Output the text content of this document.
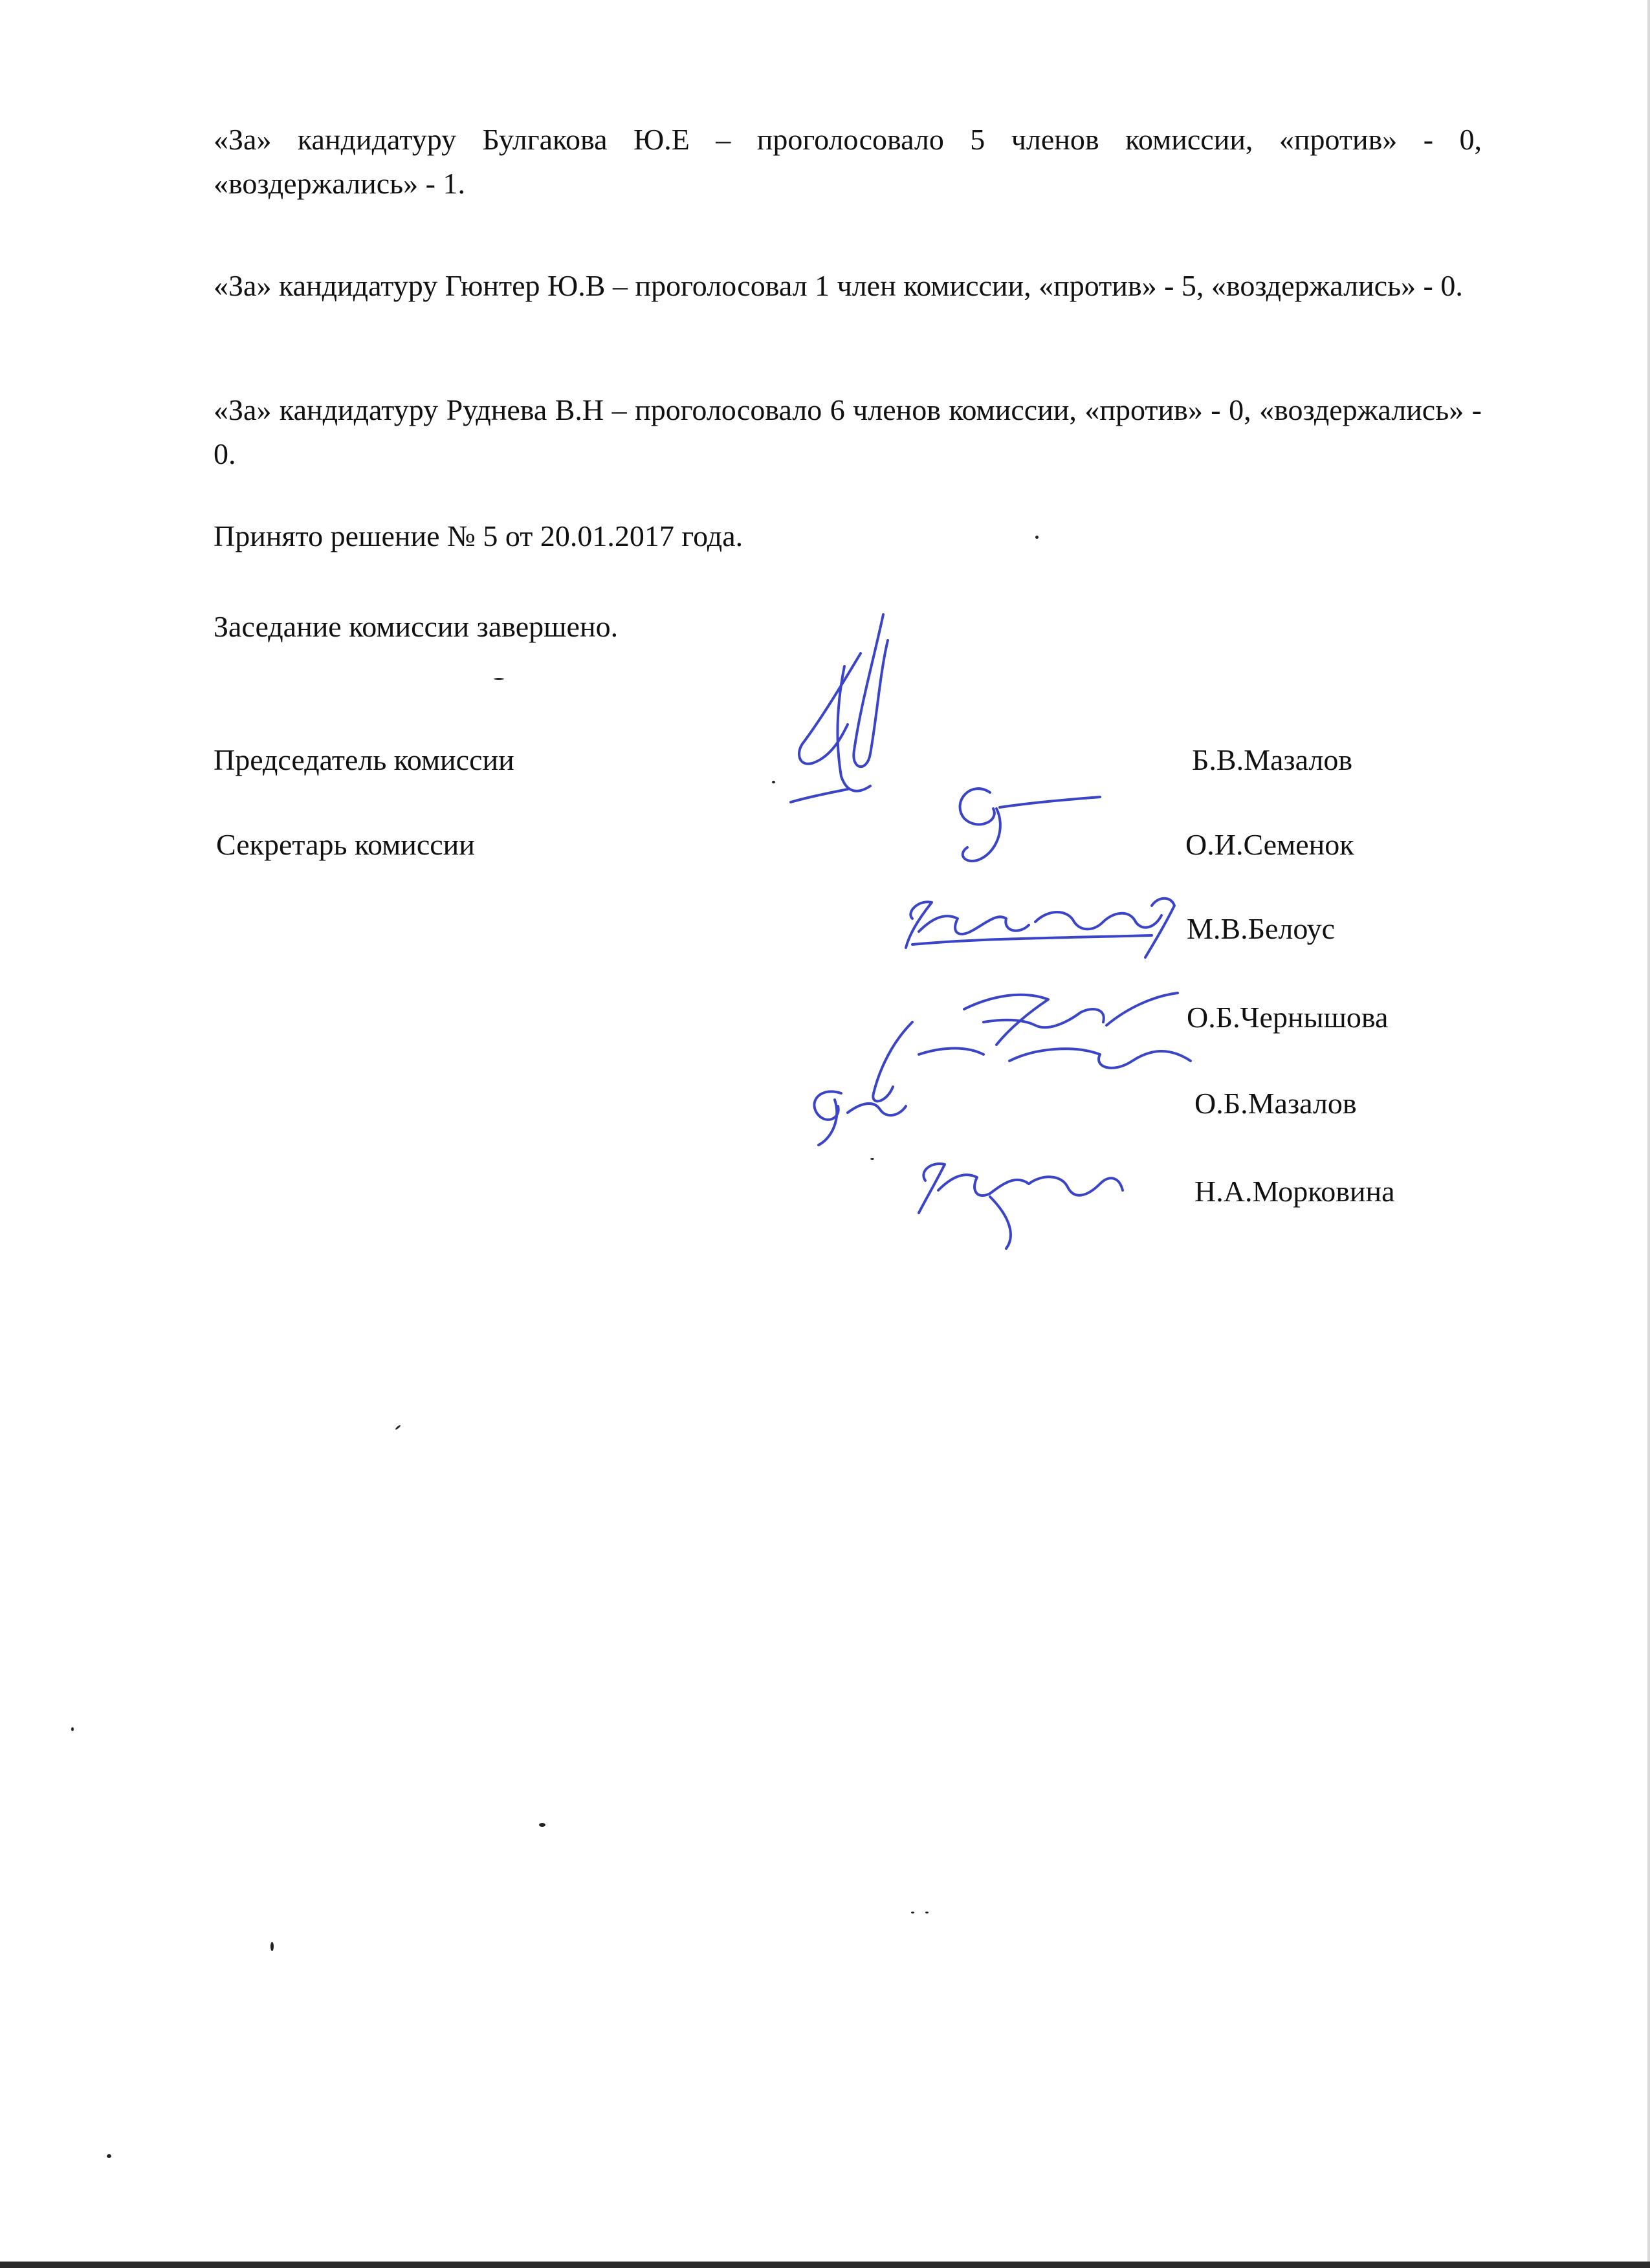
«За» кандидатуру Булгакова Ю.Е – проголосовало 5 членов комиссии, «против» - 0, «воздержались» - 1.

«За» кандидатуру Гюнтер Ю.В – проголосовал 1 член комиссии, «против» - 5, «воздержались» - 0.

«За» кандидатуру Руднева В.Н – проголосовало 6 членов комиссии, «против» - 0, «воздержались» - 0.

Принято решение № 5 от 20.01.2017 года.

Заседание комиссии завершено.

Председатель комиссии
Секретарь комиссии
Б.В.Мазалов
О.И.Семенок
М.В.Белоус
О.Б.Чернышова
О.Б.Мазалов
Н.А.Морковина
